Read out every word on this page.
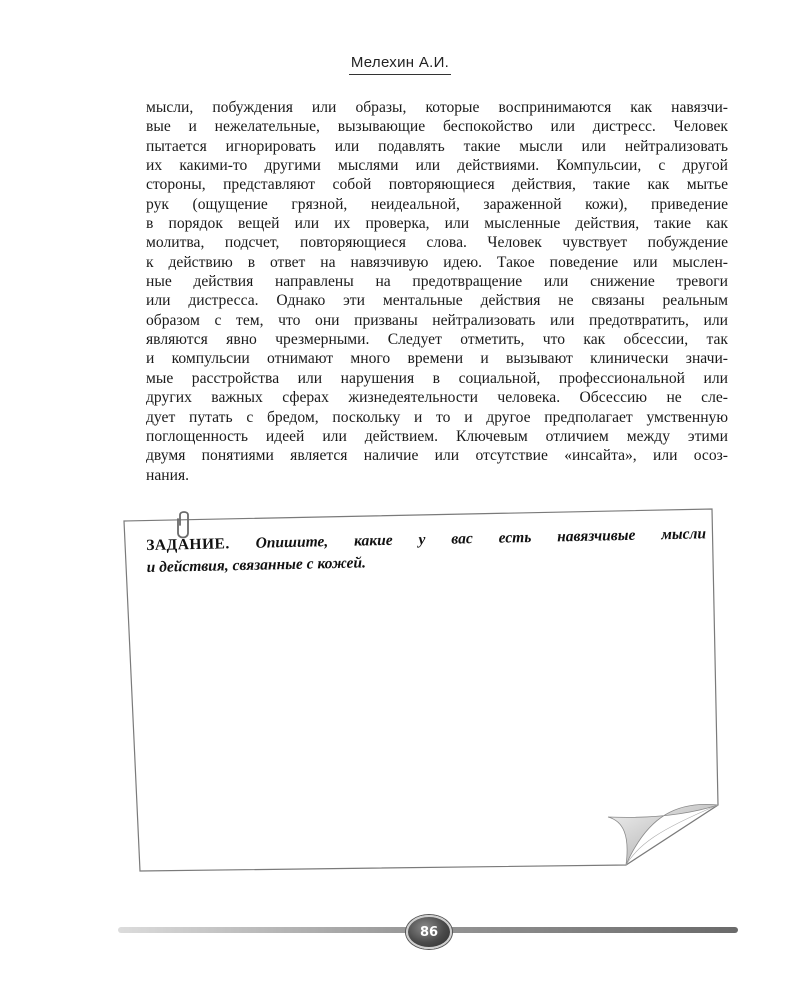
Мелехин А.И.
мысли, побуждения или образы, которые воспринимаются как навязчи-
вые и нежелательные, вызывающие беспокойство или дистресс. Человек
пытается игнорировать или подавлять такие мысли или нейтрализовать
их какими-то другими мыслями или действиями. Компульсии, с другой
стороны, представляют собой повторяющиеся действия, такие как мытье
рук (ощущение грязной, неидеальной, зараженной кожи), приведение
в порядок вещей или их проверка, или мысленные действия, такие как
молитва, подсчет, повторяющиеся слова. Человек чувствует побуждение
к действию в ответ на навязчивую идею. Такое поведение или мыслен-
ные действия направлены на предотвращение или снижение тревоги
или дистресса. Однако эти ментальные действия не связаны реальным
образом с тем, что они призваны нейтрализовать или предотвратить, или
являются явно чрезмерными. Следует отметить, что как обсессии, так
и компульсии отнимают много времени и вызывают клинически значи-
мые расстройства или нарушения в социальной, профессиональной или
других важных сферах жизнедеятельности человека. Обсессию не сле-
дует путать с бредом, поскольку и то и другое предполагает умственную
поглощенность идеей или действием. Ключевым отличием между этими
двумя понятиями является наличие или отсутствие «инсайта», или осоз-
нания.
ЗАДАНИЕ. Опишите, какие у вас есть навязчивые мысли
и действия, связанные с кожей.
86
